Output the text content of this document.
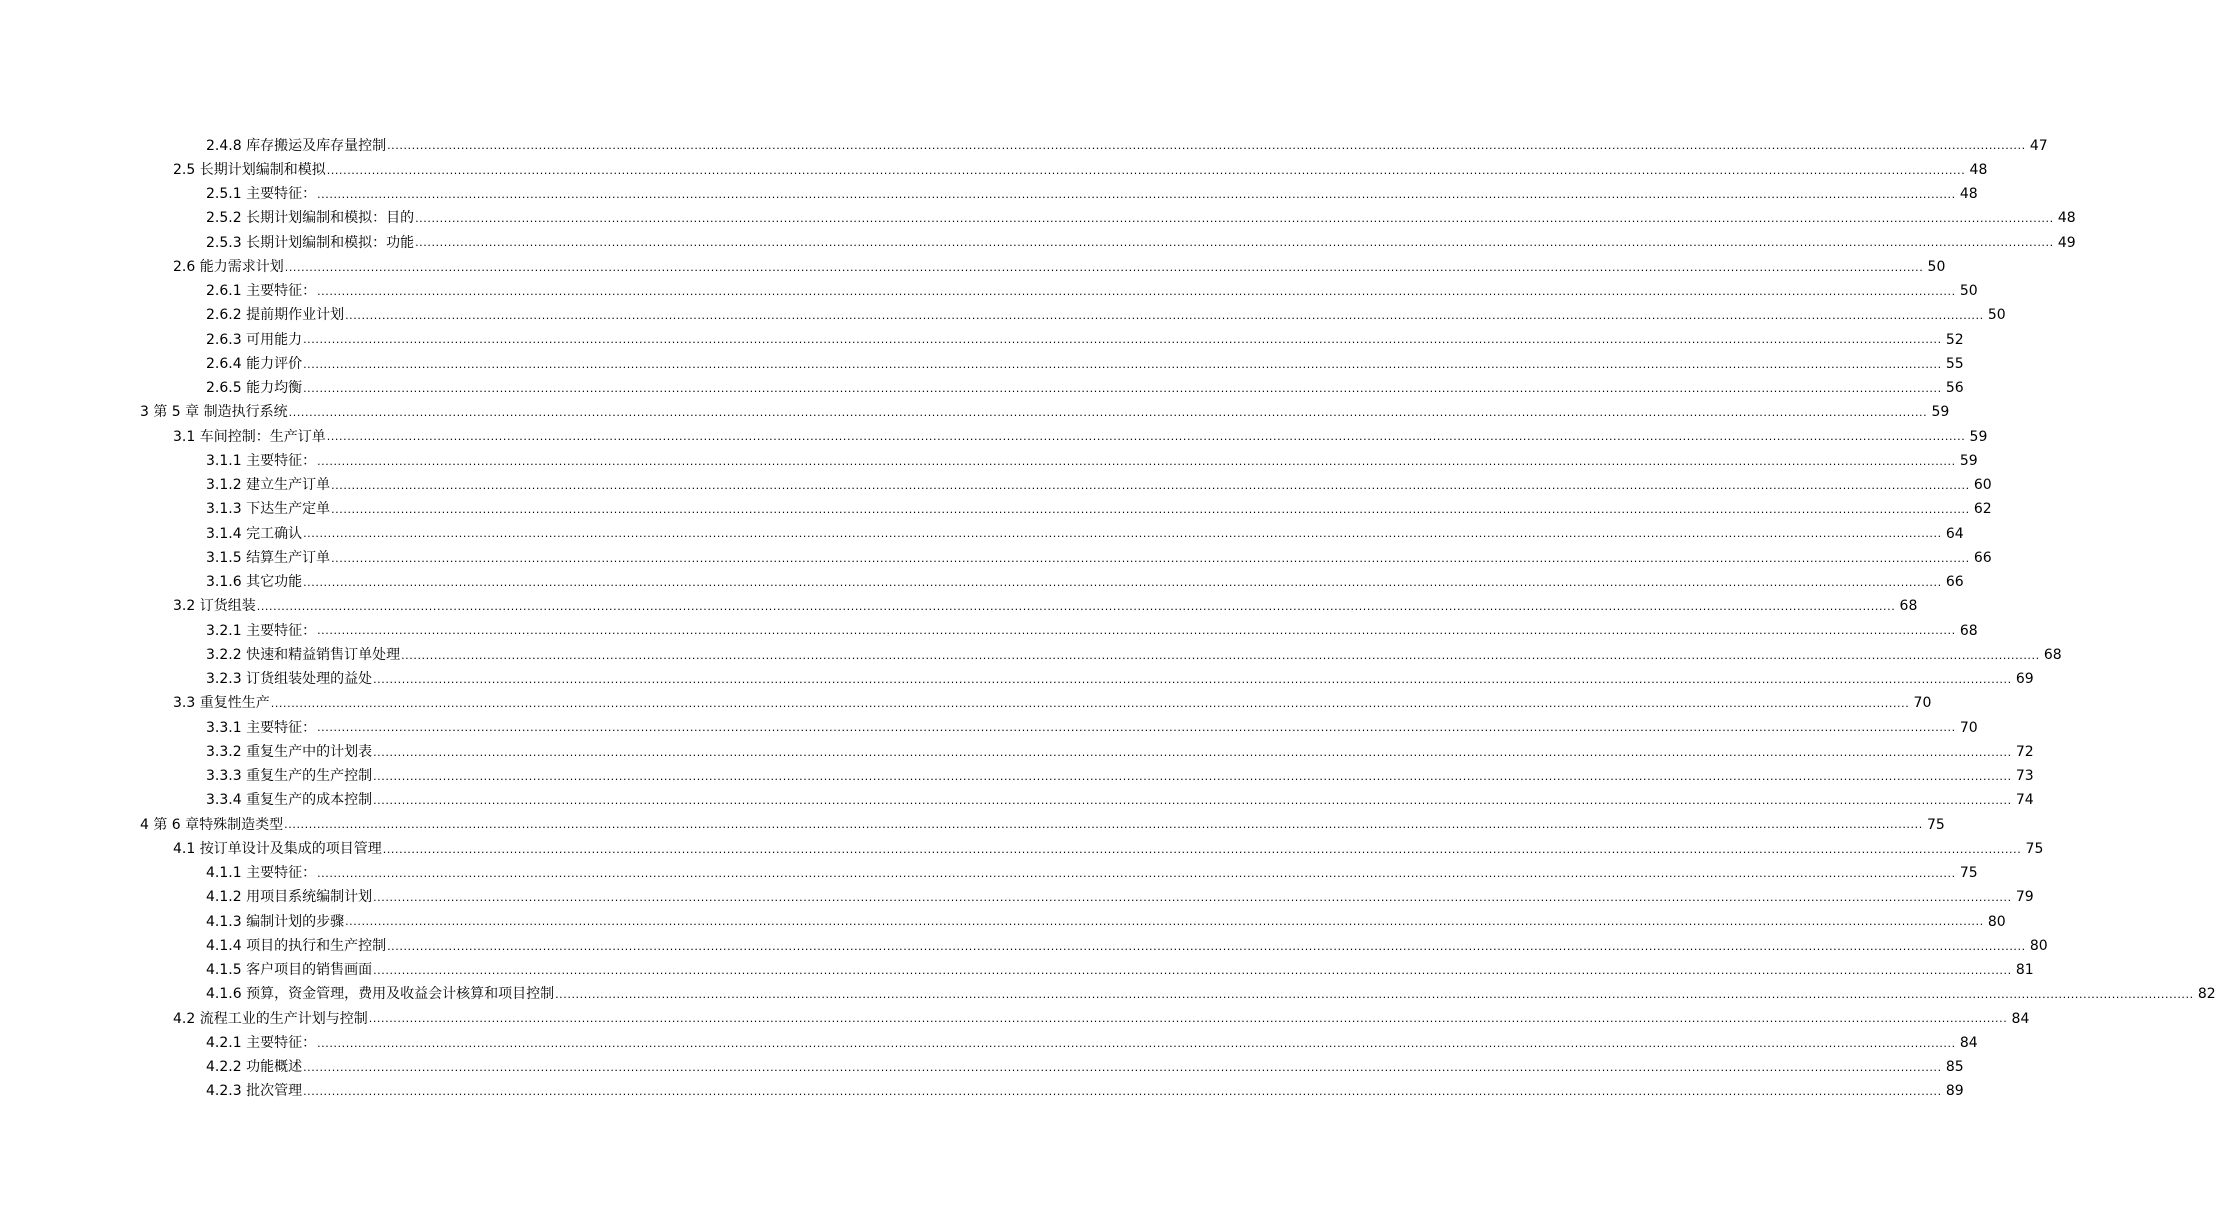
2.4.8 库存搬运及库存量控制 ................................................................................................................................................................................................................................................................................................................................................................................................................ 47
2.5 长期计划编制和模拟 ................................................................................................................................................................................................................................................................................................................................................................................................................ 48
2.5.1 主要特征： ................................................................................................................................................................................................................................................................................................................................................................................................................ 48
2.5.2 长期计划编制和模拟：目的 ................................................................................................................................................................................................................................................................................................................................................................................................................ 48
2.5.3 长期计划编制和模拟：功能 ................................................................................................................................................................................................................................................................................................................................................................................................................ 49
2.6 能力需求计划 ................................................................................................................................................................................................................................................................................................................................................................................................................ 50
2.6.1 主要特征： ................................................................................................................................................................................................................................................................................................................................................................................................................ 50
2.6.2 提前期作业计划 ................................................................................................................................................................................................................................................................................................................................................................................................................ 50
2.6.3 可用能力 ................................................................................................................................................................................................................................................................................................................................................................................................................ 52
2.6.4 能力评价 ................................................................................................................................................................................................................................................................................................................................................................................................................ 55
2.6.5 能力均衡 ................................................................................................................................................................................................................................................................................................................................................................................................................ 56
3 第 5 章 制造执行系统 ................................................................................................................................................................................................................................................................................................................................................................................................................ 59
3.1 车间控制：生产订单 ................................................................................................................................................................................................................................................................................................................................................................................................................ 59
3.1.1 主要特征： ................................................................................................................................................................................................................................................................................................................................................................................................................ 59
3.1.2 建立生产订单 ................................................................................................................................................................................................................................................................................................................................................................................................................ 60
3.1.3 下达生产定单 ................................................................................................................................................................................................................................................................................................................................................................................................................ 62
3.1.4 完工确认 ................................................................................................................................................................................................................................................................................................................................................................................................................ 64
3.1.5 结算生产订单 ................................................................................................................................................................................................................................................................................................................................................................................................................ 66
3.1.6 其它功能 ................................................................................................................................................................................................................................................................................................................................................................................................................ 66
3.2 订货组装 ................................................................................................................................................................................................................................................................................................................................................................................................................ 68
3.2.1 主要特征： ................................................................................................................................................................................................................................................................................................................................................................................................................ 68
3.2.2 快速和精益销售订单处理 ................................................................................................................................................................................................................................................................................................................................................................................................................ 68
3.2.3 订货组装处理的益处 ................................................................................................................................................................................................................................................................................................................................................................................................................ 69
3.3 重复性生产 ................................................................................................................................................................................................................................................................................................................................................................................................................ 70
3.3.1 主要特征： ................................................................................................................................................................................................................................................................................................................................................................................................................ 70
3.3.2 重复生产中的计划表 ................................................................................................................................................................................................................................................................................................................................................................................................................ 72
3.3.3 重复生产的生产控制 ................................................................................................................................................................................................................................................................................................................................................................................................................ 73
3.3.4 重复生产的成本控制 ................................................................................................................................................................................................................................................................................................................................................................................................................ 74
4 第 6 章特殊制造类型 ................................................................................................................................................................................................................................................................................................................................................................................................................ 75
4.1 按订单设计及集成的项目管理 ................................................................................................................................................................................................................................................................................................................................................................................................................ 75
4.1.1 主要特征： ................................................................................................................................................................................................................................................................................................................................................................................................................ 75
4.1.2 用项目系统编制计划 ................................................................................................................................................................................................................................................................................................................................................................................................................ 79
4.1.3 编制计划的步骤 ................................................................................................................................................................................................................................................................................................................................................................................................................ 80
4.1.4 项目的执行和生产控制 ................................................................................................................................................................................................................................................................................................................................................................................................................ 80
4.1.5 客户项目的销售画面 ................................................................................................................................................................................................................................................................................................................................................................................................................ 81
4.1.6 预算，资金管理，费用及收益会计核算和项目控制 ................................................................................................................................................................................................................................................................................................................................................................................................................ 82
4.2 流程工业的生产计划与控制 ................................................................................................................................................................................................................................................................................................................................................................................................................ 84
4.2.1 主要特征： ................................................................................................................................................................................................................................................................................................................................................................................................................ 84
4.2.2 功能概述 ................................................................................................................................................................................................................................................................................................................................................................................................................ 85
4.2.3 批次管理 ................................................................................................................................................................................................................................................................................................................................................................................................................ 89
